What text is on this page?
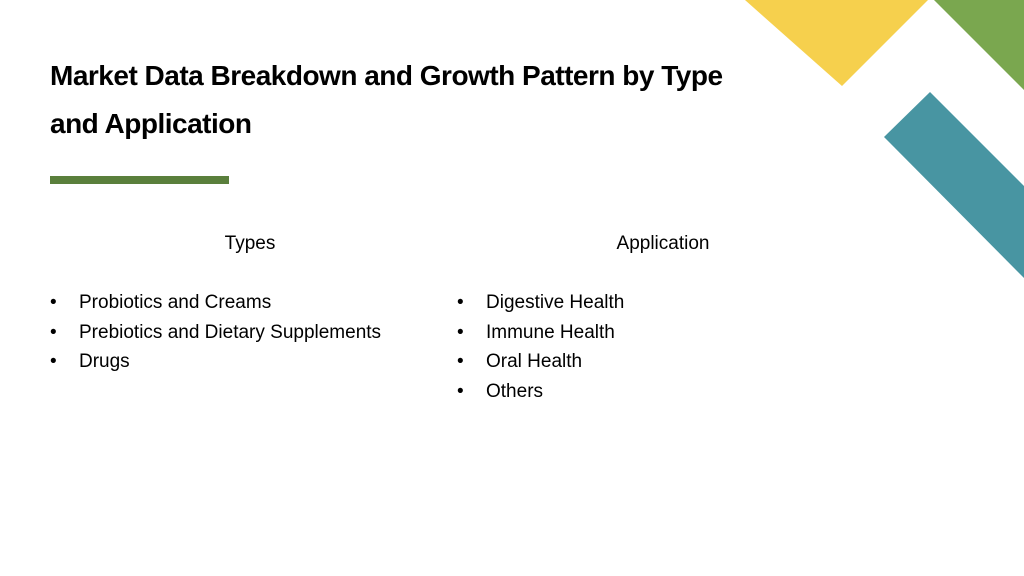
Market Data Breakdown and Growth Pattern by Type
and Application
Types
• Probiotics and Creams
• Prebiotics and Dietary Supplements
• Drugs
Application
• Digestive Health
• Immune Health
• Oral Health
• Others
